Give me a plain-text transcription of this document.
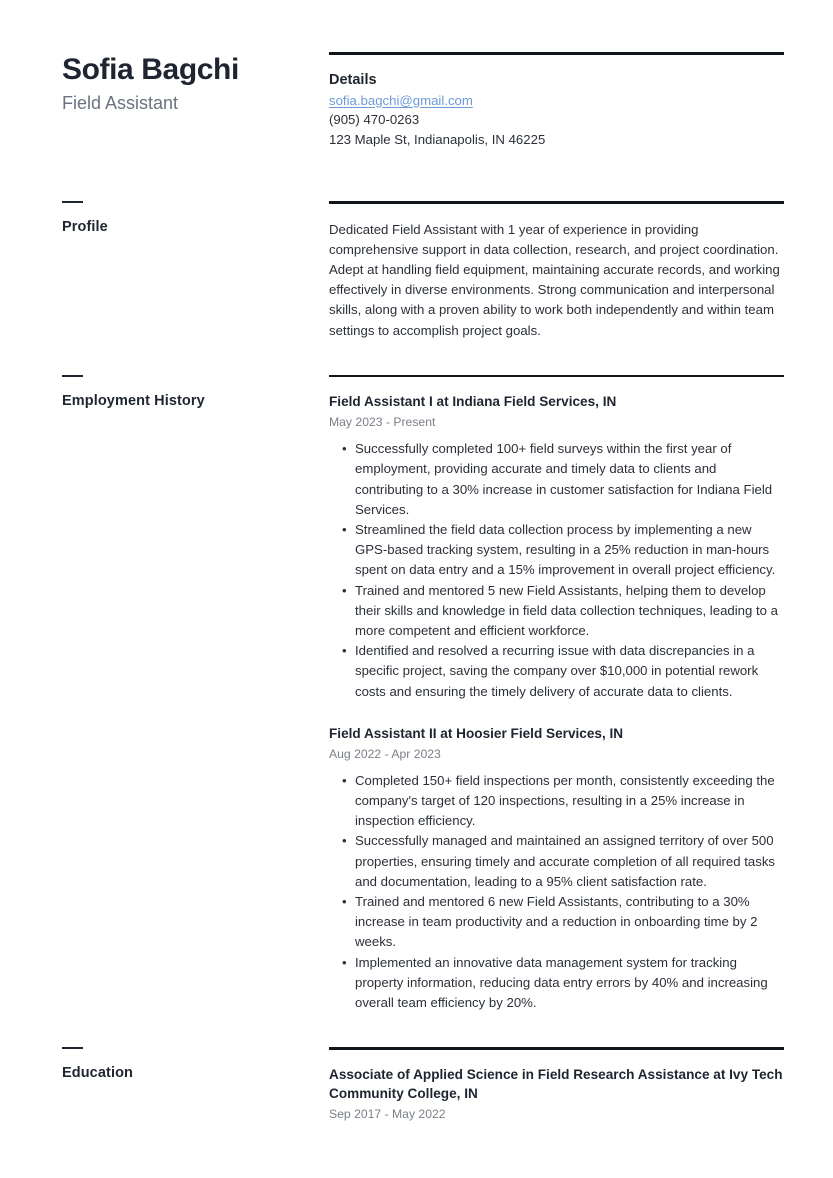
Sofia Bagchi
Field Assistant
Details
sofia.bagchi@gmail.com
(905) 470-0263
123 Maple St, Indianapolis, IN 46225
Profile	Dedicated Field Assistant with 1 year of experience in providing comprehensive support in data collection, research, and project coordination. Adept at handling field equipment, maintaining accurate records, and working effectively in diverse environments. Strong communication and interpersonal skills, along with a proven ability to work both independently and within team settings to accomplish project goals.

Employment History	Field Assistant I at Indiana Field Services, IN
May 2023 - Present
• Successfully completed 100+ field surveys within the first year of employment, providing accurate and timely data to clients and contributing to a 30% increase in customer satisfaction for Indiana Field Services.
• Streamlined the field data collection process by implementing a new GPS-based tracking system, resulting in a 25% reduction in man-hours spent on data entry and a 15% improvement in overall project efficiency.
• Trained and mentored 5 new Field Assistants, helping them to develop their skills and knowledge in field data collection techniques, leading to a more competent and efficient workforce.
• Identified and resolved a recurring issue with data discrepancies in a specific project, saving the company over $10,000 in potential rework costs and ensuring the timely delivery of accurate data to clients.
Field Assistant II at Hoosier Field Services, IN
Aug 2022 - Apr 2023
• Completed 150+ field inspections per month, consistently exceeding the company's target of 120 inspections, resulting in a 25% increase in inspection efficiency.
• Successfully managed and maintained an assigned territory of over 500 properties, ensuring timely and accurate completion of all required tasks and documentation, leading to a 95% client satisfaction rate.
• Trained and mentored 6 new Field Assistants, contributing to a 30% increase in team productivity and a reduction in onboarding time by 2 weeks.
• Implemented an innovative data management system for tracking property information, reducing data entry errors by 40% and increasing overall team efficiency by 20%.
Education	Associate of Applied Science in Field Research Assistance at Ivy Tech Community College, IN
Sep 2017 - May 2022
